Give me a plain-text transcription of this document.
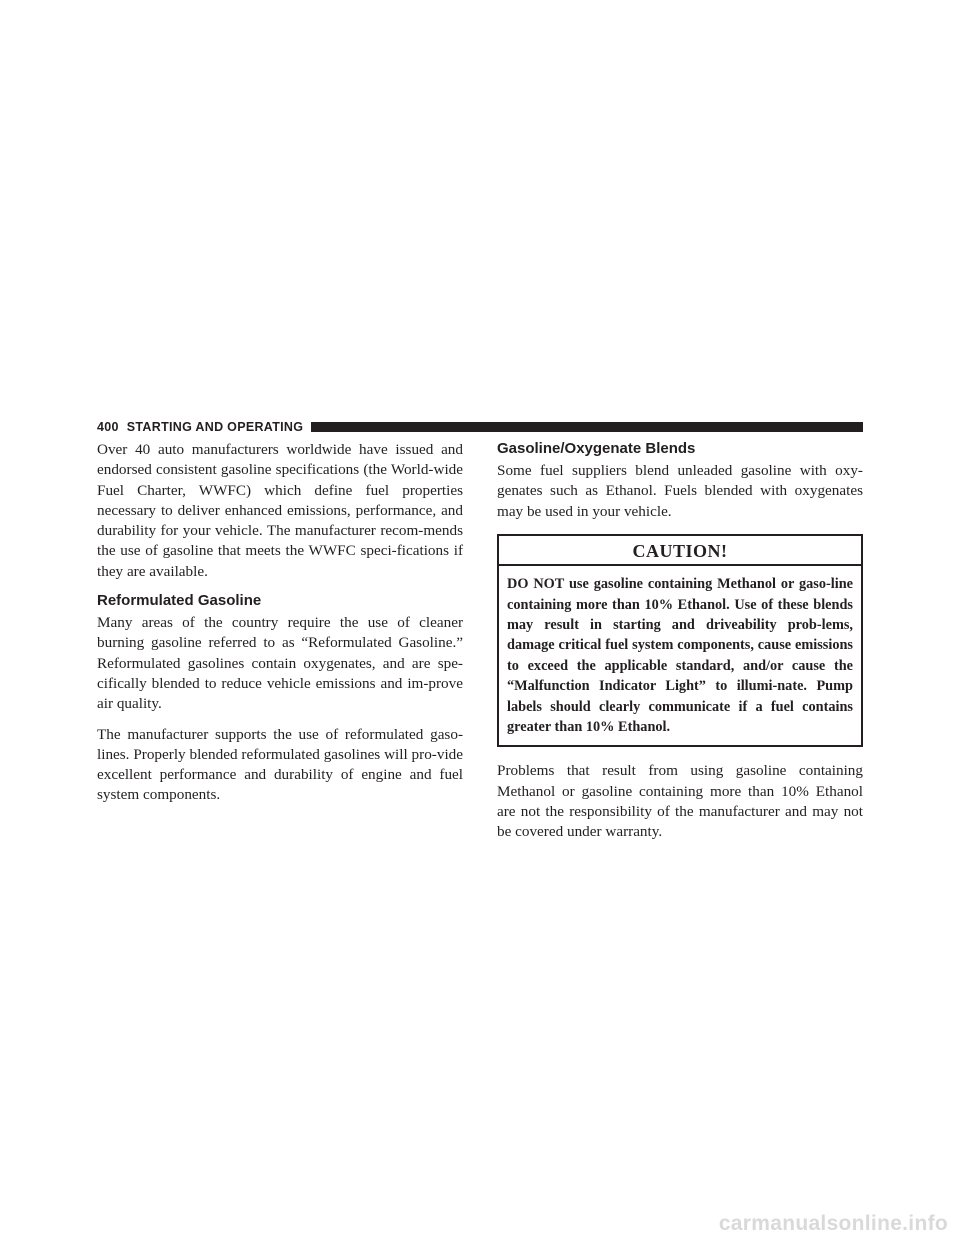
400 STARTING AND OPERATING

Over 40 auto manufacturers worldwide have issued and endorsed consistent gasoline specifications (the World-wide Fuel Charter, WWFC) which define fuel properties necessary to deliver enhanced emissions, performance, and durability for your vehicle. The manufacturer recom-mends the use of gasoline that meets the WWFC speci-fications if they are available.

Reformulated Gasoline

Many areas of the country require the use of cleaner burning gasoline referred to as “Reformulated Gasoline.” Reformulated gasolines contain oxygenates, and are spe-cifically blended to reduce vehicle emissions and im-prove air quality.

The manufacturer supports the use of reformulated gaso-lines. Properly blended reformulated gasolines will pro-vide excellent performance and durability of engine and fuel system components.

Gasoline/Oxygenate Blends

Some fuel suppliers blend unleaded gasoline with oxy-genates such as Ethanol. Fuels blended with oxygenates may be used in your vehicle.

CAUTION!
DO NOT use gasoline containing Methanol or gaso-line containing more than 10% Ethanol. Use of these blends may result in starting and driveability prob-lems, damage critical fuel system components, cause emissions to exceed the applicable standard, and/or cause the “Malfunction Indicator Light” to illumi-nate. Pump labels should clearly communicate if a fuel contains greater than 10% Ethanol.

Problems that result from using gasoline containing Methanol or gasoline containing more than 10% Ethanol are not the responsibility of the manufacturer and may not be covered under warranty.

carmanualsonline.info
